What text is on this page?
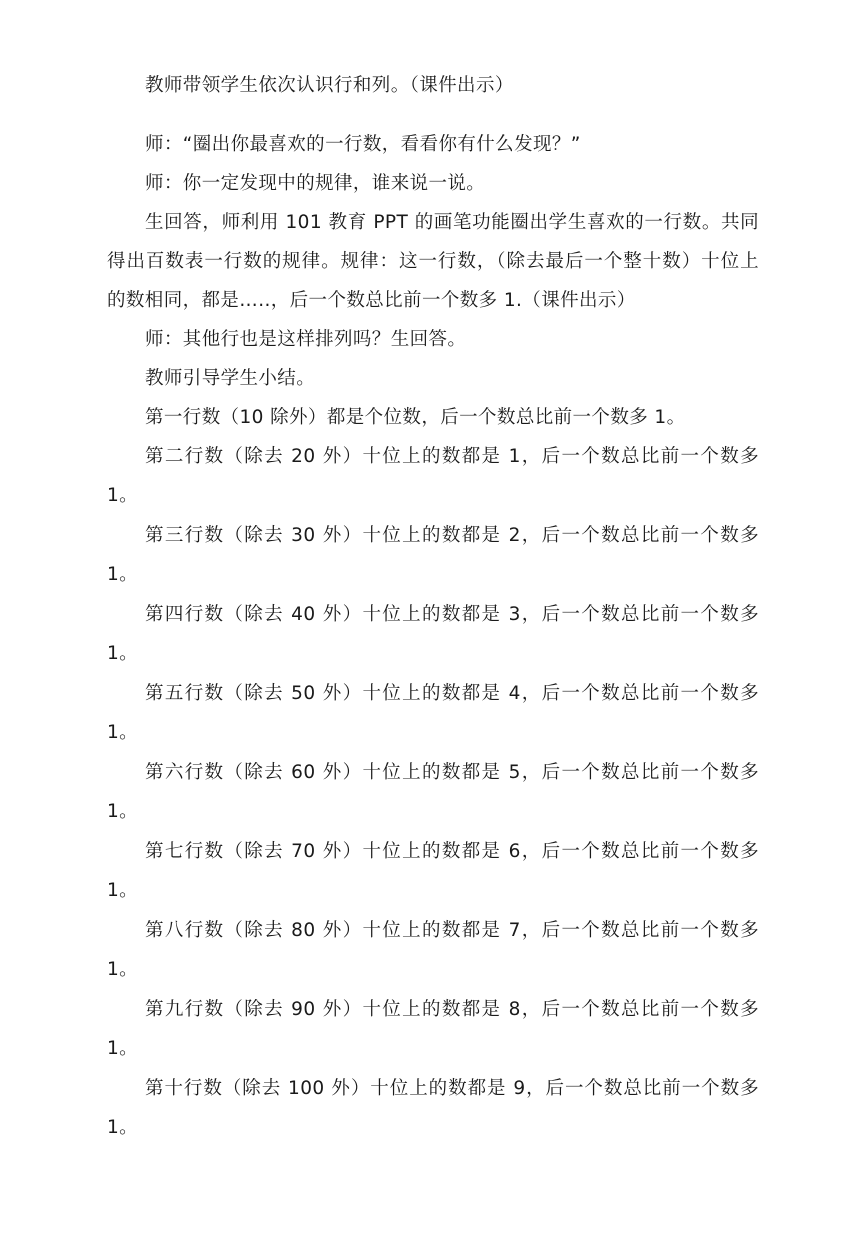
教师带领学生依次认识行和列。（课件出示）

师：“圈出你最喜欢的一行数，看看你有什么发现？”

师：你一定发现中的规律，谁来说一说。

生回答，师利用 101 教育 PPT 的画笔功能圈出学生喜欢的一行数。共同得出百数表一行数的规律。规律：这一行数，（除去最后一个整十数）十位上的数相同，都是…..，后一个数总比前一个数多 1.（课件出示）

师：其他行也是这样排列吗？生回答。

教师引导学生小结。

第一行数（10 除外）都是个位数，后一个数总比前一个数多 1。

第二行数（除去 20 外）十位上的数都是 1，后一个数总比前一个数多 1。

第三行数（除去 30 外）十位上的数都是 2，后一个数总比前一个数多 1。

第四行数（除去 40 外）十位上的数都是 3，后一个数总比前一个数多 1。

第五行数（除去 50 外）十位上的数都是 4，后一个数总比前一个数多 1。

第六行数（除去 60 外）十位上的数都是 5，后一个数总比前一个数多 1。

第七行数（除去 70 外）十位上的数都是 6，后一个数总比前一个数多 1。

第八行数（除去 80 外）十位上的数都是 7，后一个数总比前一个数多 1。

第九行数（除去 90 外）十位上的数都是 8，后一个数总比前一个数多 1。

第十行数（除去 100 外）十位上的数都是 9，后一个数总比前一个数多 1。
